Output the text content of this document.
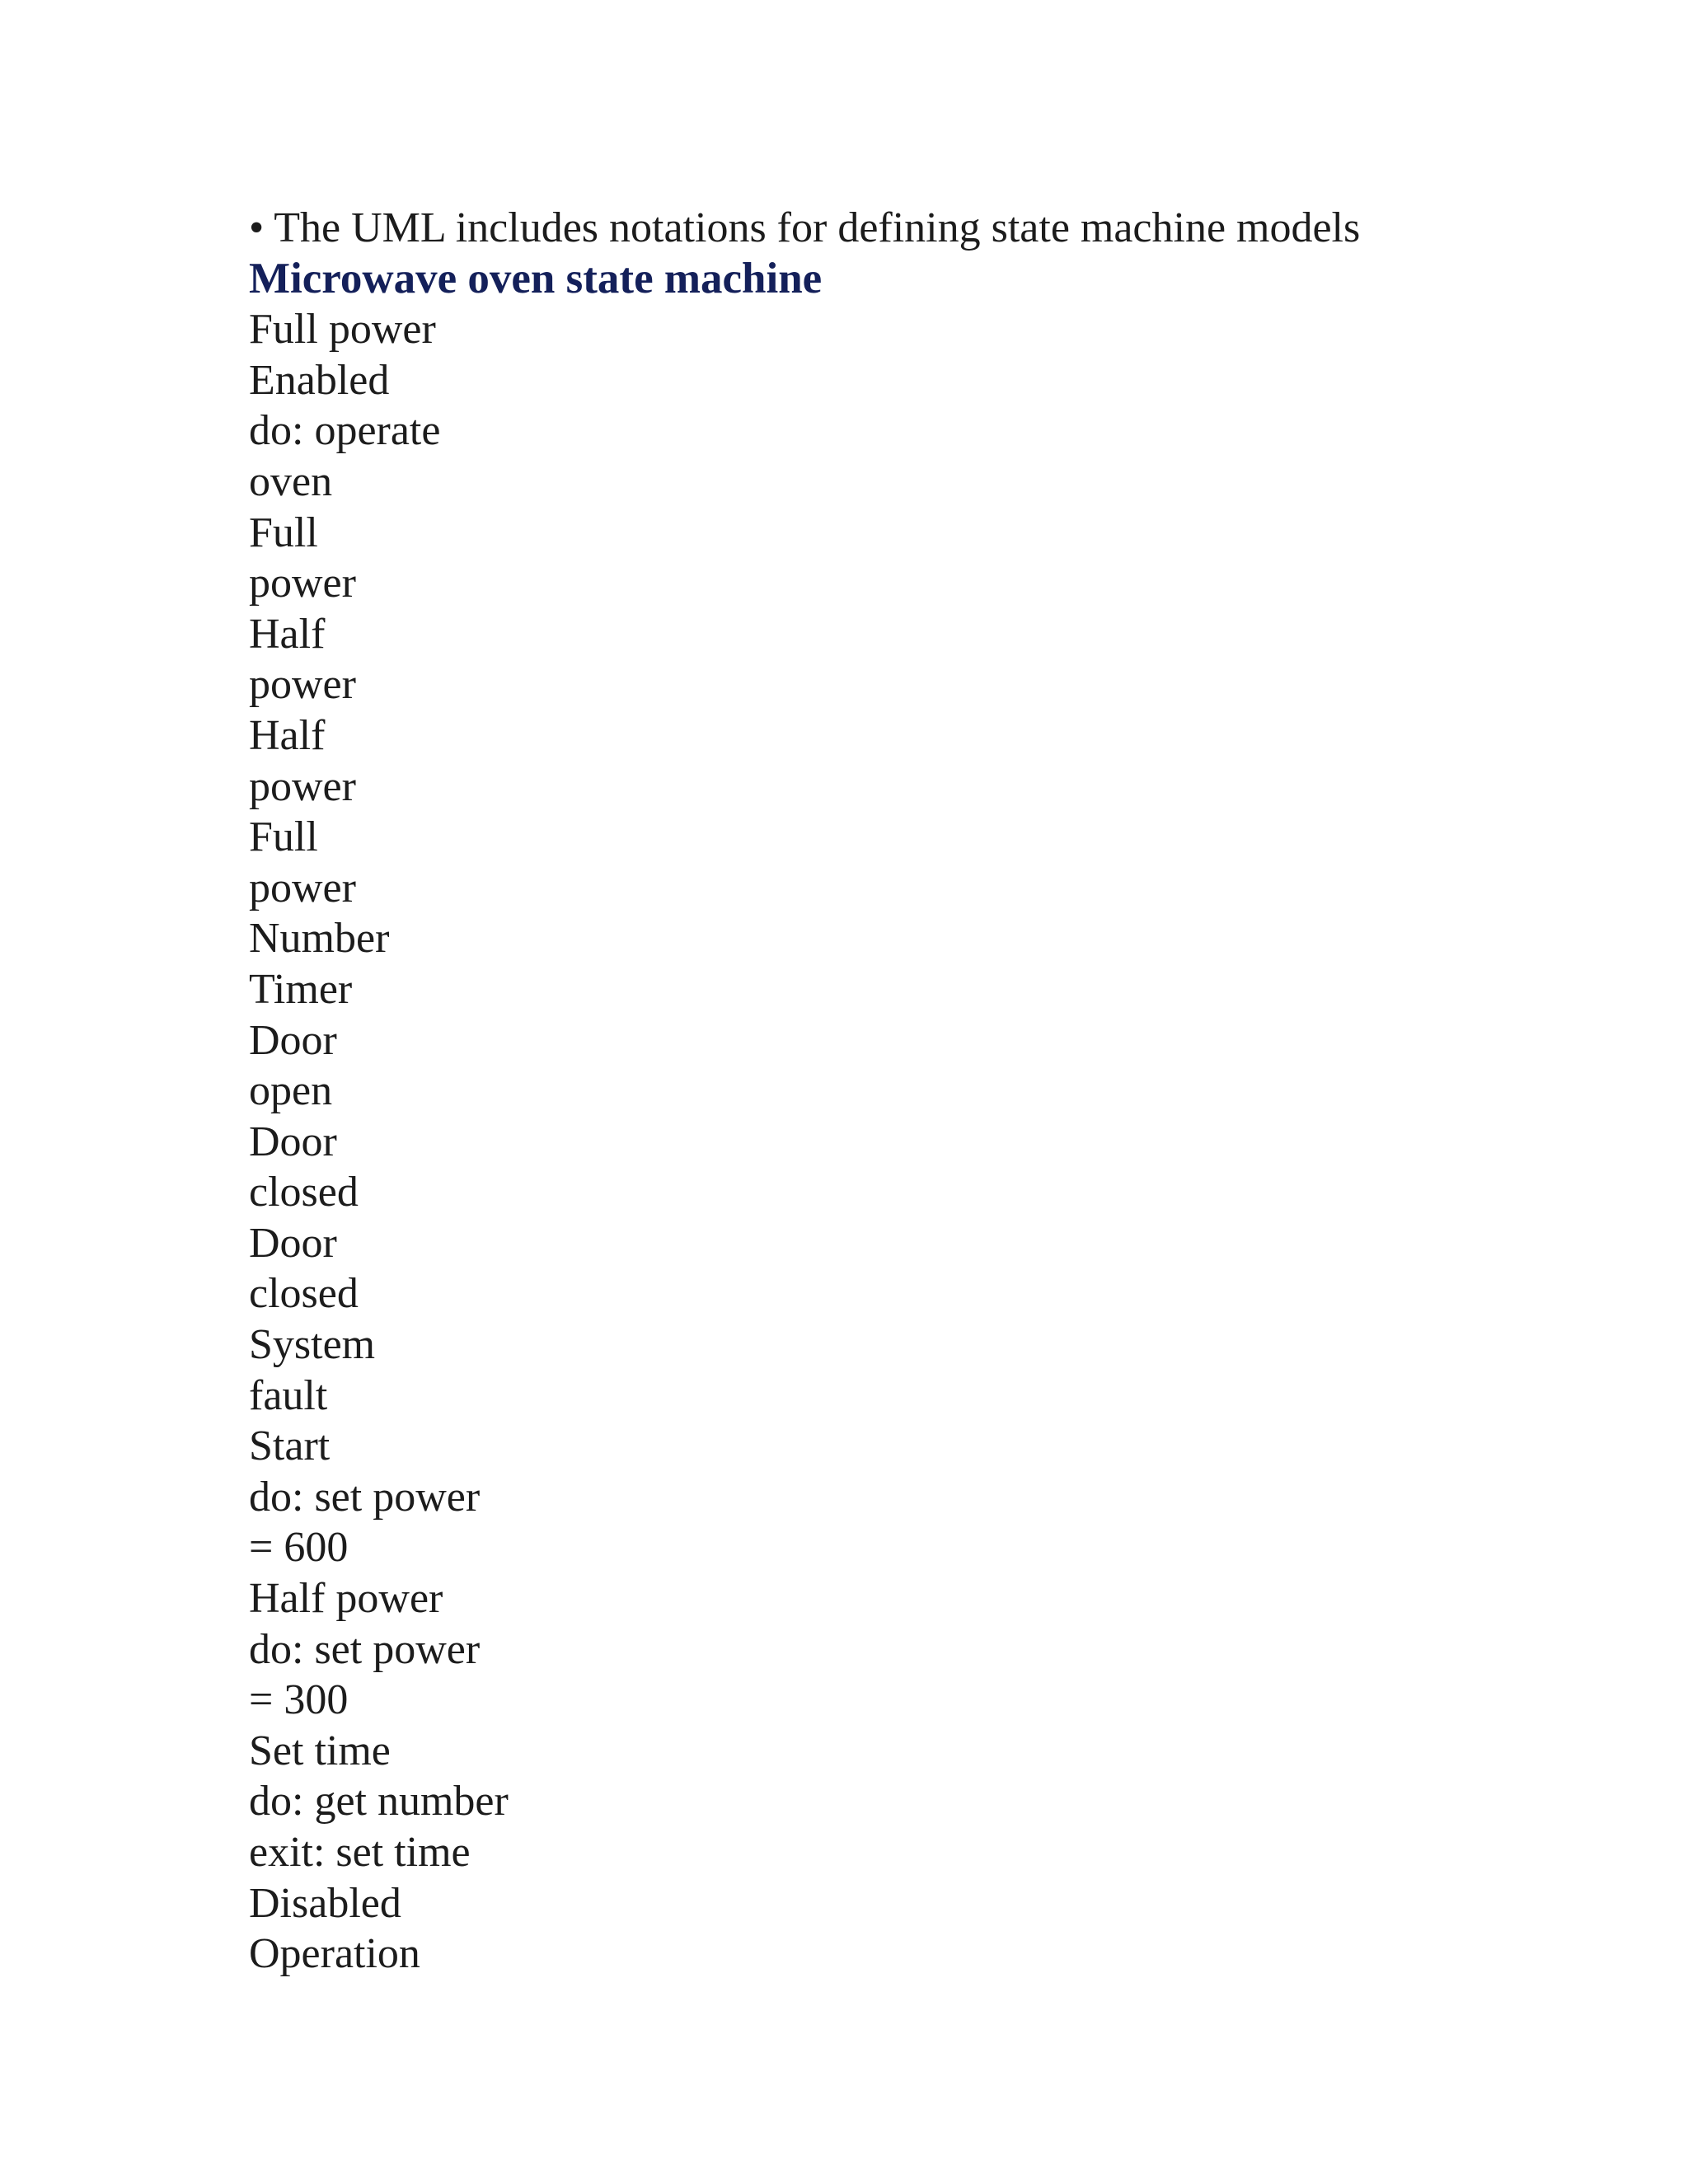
• The UML includes notations for defining state machine models
Microwave oven state machine
Full power
Enabled
do: operate
oven
Full
power
Half
power
Half
power
Full
power
Number
Timer
Door
open
Door
closed
Door
closed
System
fault
Start
do: set power
= 600
Half power
do: set power
= 300
Set time
do: get number
exit: set time
Disabled
Operation
